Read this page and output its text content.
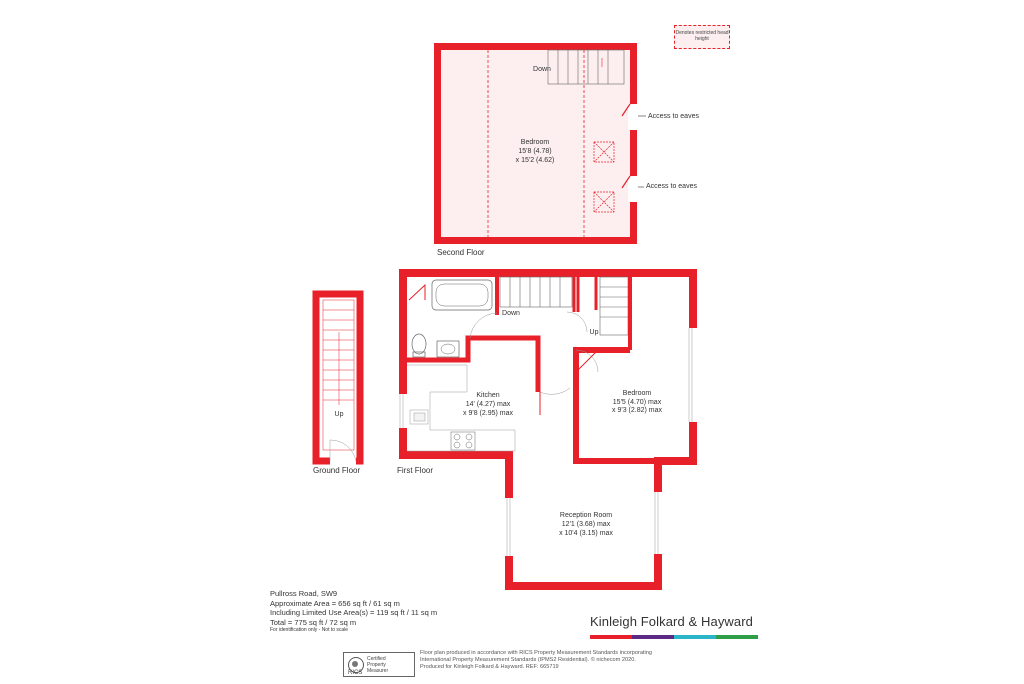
Denotes restricted head height
Down
Bedroom
15'8 (4.78)
x 15'2 (4.62)
Access to eaves
Access to eaves
Second Floor
Down
Up
Kitchen
14' (4.27) max
x 9'8 (2.95) max
Bedroom
15'5 (4.70) max
x 9'3 (2.82) max
Reception Room
12'1 (3.68) max
x 10'4 (3.15) max
First Floor
Up
Ground Floor
Pullross Road, SW9
Approximate Area = 656 sq ft / 61 sq m
Including Limited Use Area(s) = 119 sq ft / 11 sq m
Total = 775 sq ft / 72 sq m
For identification only - Not to scale
Kinleigh Folkard & Hayward
Certified
Property
Measurer
RICS
Floor plan produced in accordance with RICS Property Measurement Standards incorporating
International Property Measurement Standards (IPMS2 Residential). © nichecom 2020.
Produced for Kinleigh Folkard & Hayward. REF: 665719
